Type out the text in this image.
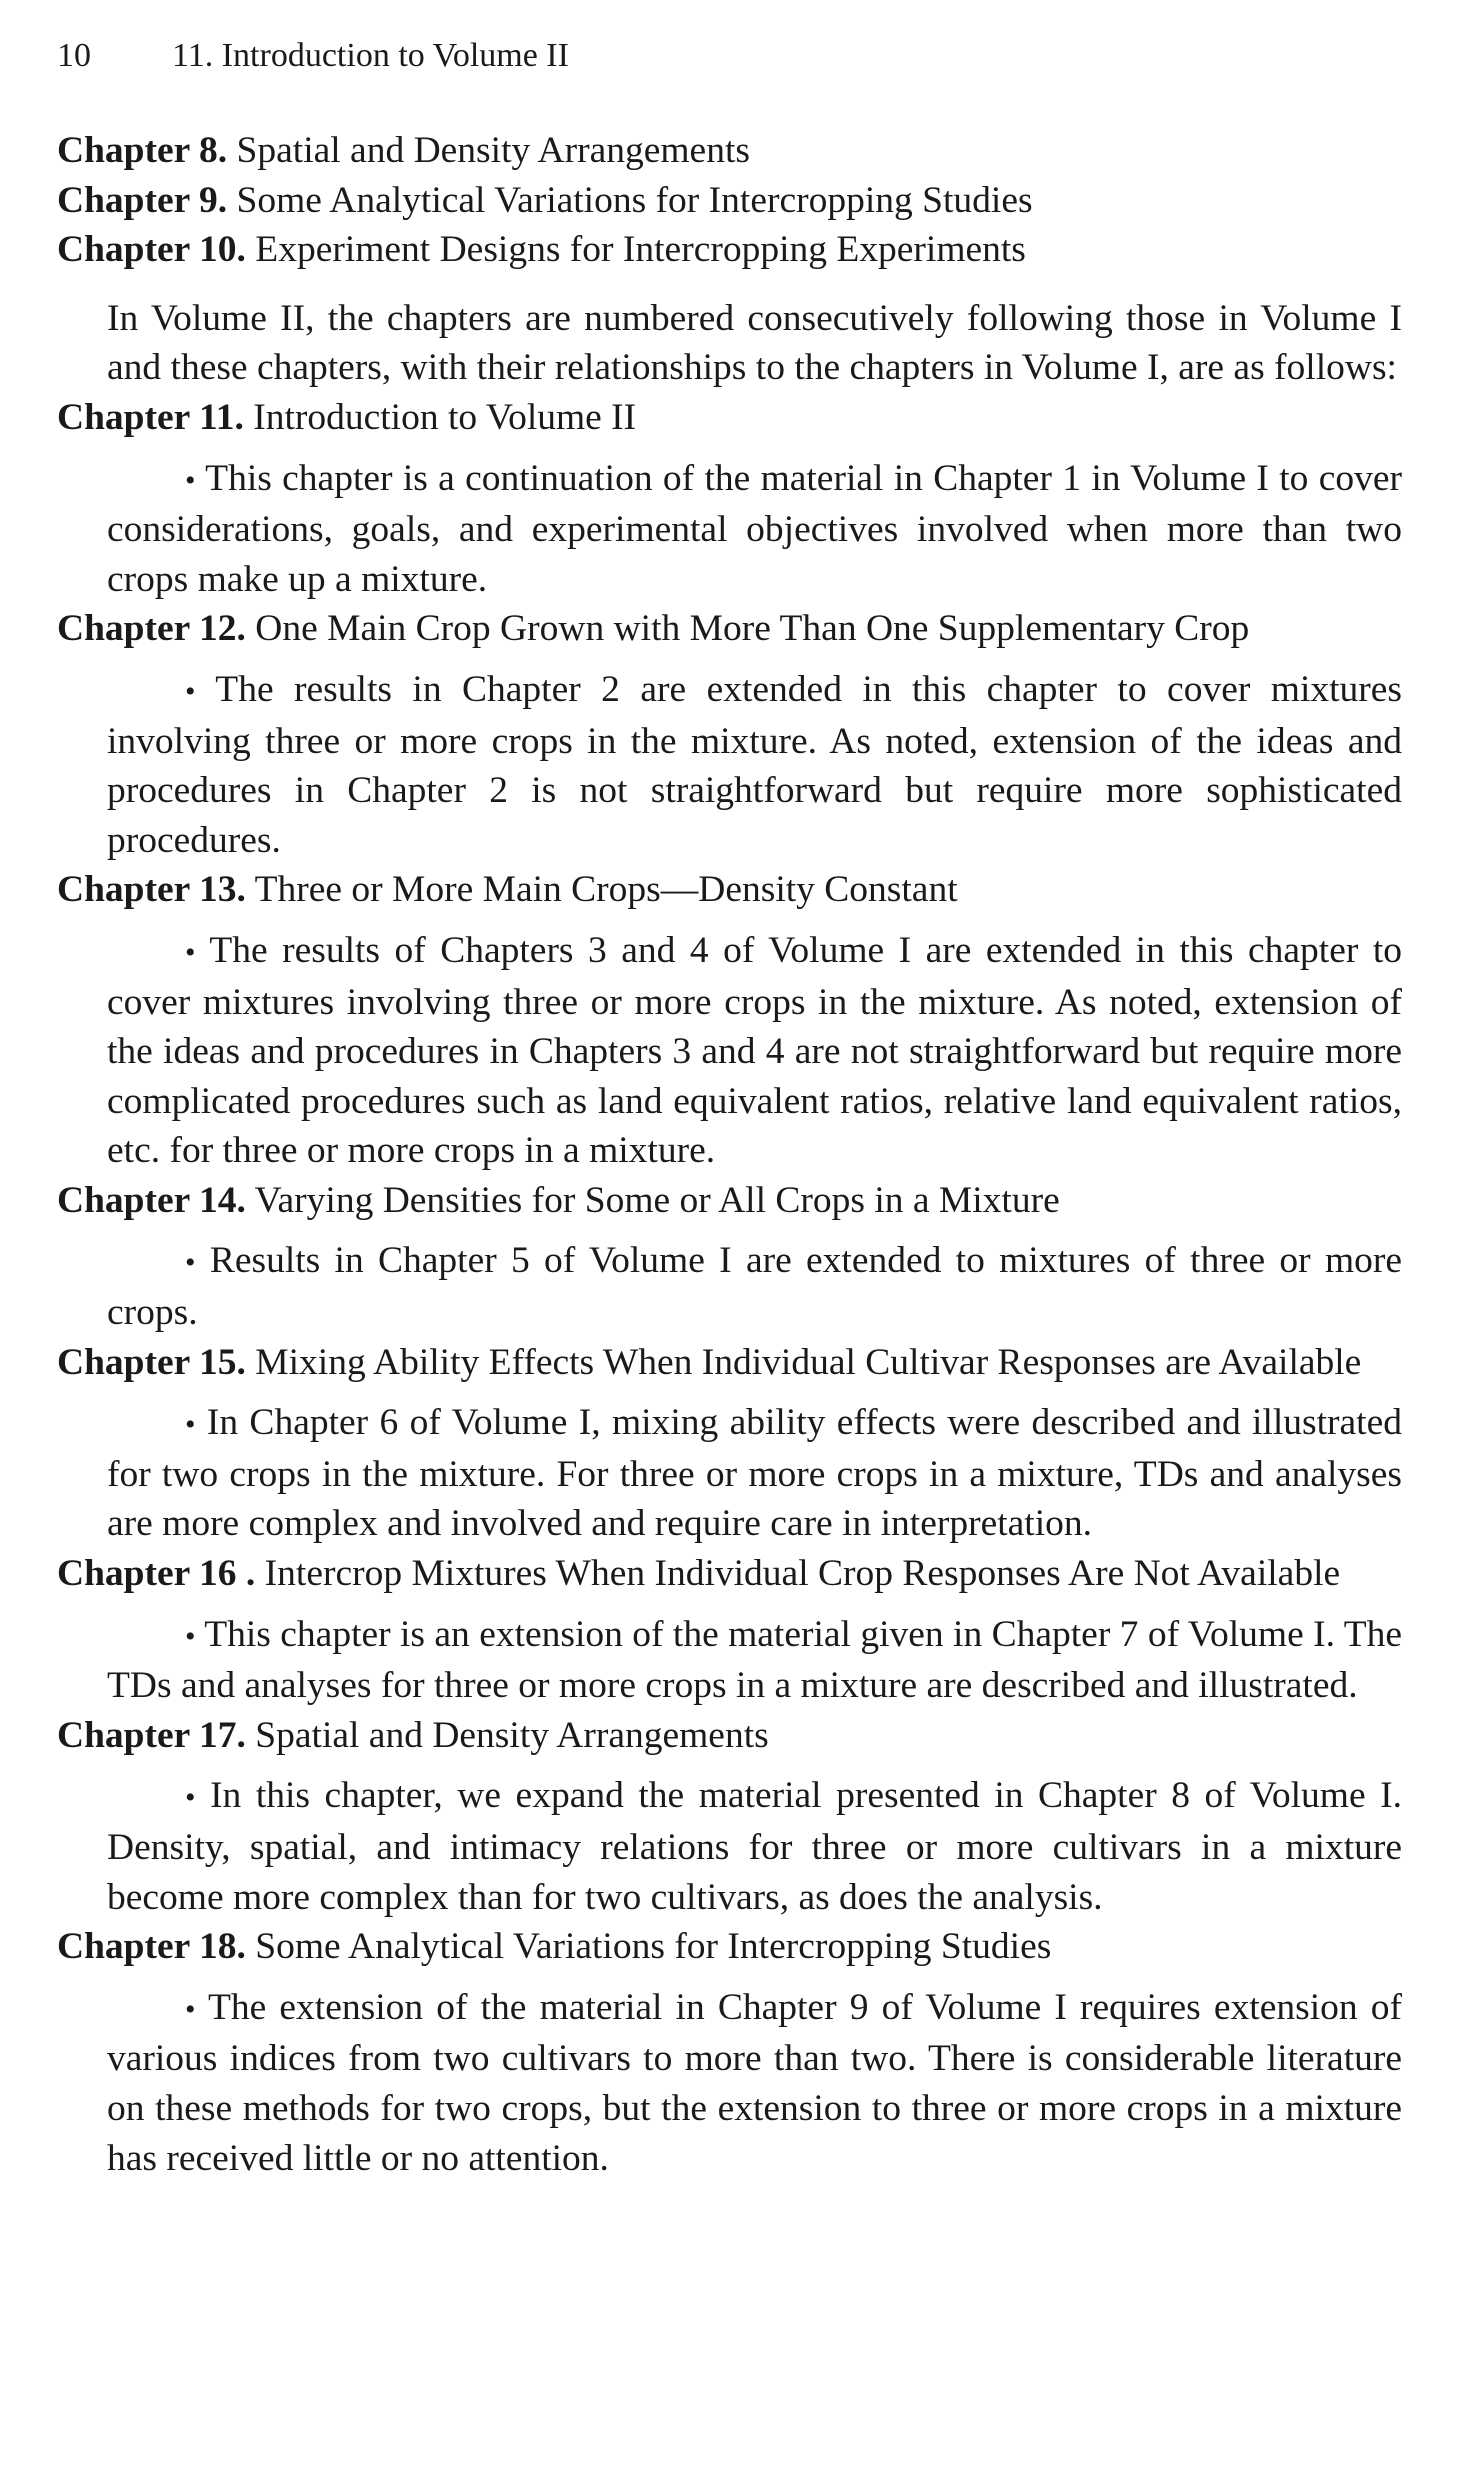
10 11. Introduction to Volume II

Chapter 8. Spatial and Density Arrangements

Chapter 9. Some Analytical Variations for Intercropping Studies

Chapter 10. Experiment Designs for Intercropping Experiments

In Volume II, the chapters are numbered consecutively following those in Volume I and these chapters, with their relationships to the chapters in Volume I, are as follows:

Chapter 11. Introduction to Volume II

• This chapter is a continuation of the material in Chapter 1 in Volume I to cover considerations, goals, and experimental objectives involved when more than two crops make up a mixture.

Chapter 12. One Main Crop Grown with More Than One Supplementary Crop

• The results in Chapter 2 are extended in this chapter to cover mixtures involving three or more crops in the mixture. As noted, extension of the ideas and procedures in Chapter 2 is not straightforward but require more sophisticated procedures.

Chapter 13. Three or More Main Crops—Density Constant

• The results of Chapters 3 and 4 of Volume I are extended in this chapter to cover mixtures involving three or more crops in the mixture. As noted, extension of the ideas and procedures in Chapters 3 and 4 are not straightforward but require more complicated procedures such as land equivalent ratios, relative land equivalent ratios, etc. for three or more crops in a mixture.

Chapter 14. Varying Densities for Some or All Crops in a Mixture

• Results in Chapter 5 of Volume I are extended to mixtures of three or more crops.

Chapter 15. Mixing Ability Effects When Individual Cultivar Responses are Available

• In Chapter 6 of Volume I, mixing ability effects were described and illustrated for two crops in the mixture. For three or more crops in a mixture, TDs and analyses are more complex and involved and require care in interpretation.

Chapter 16 . Intercrop Mixtures When Individual Crop Responses Are Not Available

• This chapter is an extension of the material given in Chapter 7 of Volume I. The TDs and analyses for three or more crops in a mixture are described and illustrated.

Chapter 17. Spatial and Density Arrangements

• In this chapter, we expand the material presented in Chapter 8 of Volume I. Density, spatial, and intimacy relations for three or more cultivars in a mixture become more complex than for two cultivars, as does the analysis.

Chapter 18. Some Analytical Variations for Intercropping Studies

• The extension of the material in Chapter 9 of Volume I requires extension of various indices from two cultivars to more than two. There is considerable literature on these methods for two crops, but the extension to three or more crops in a mixture has received little or no attention.
